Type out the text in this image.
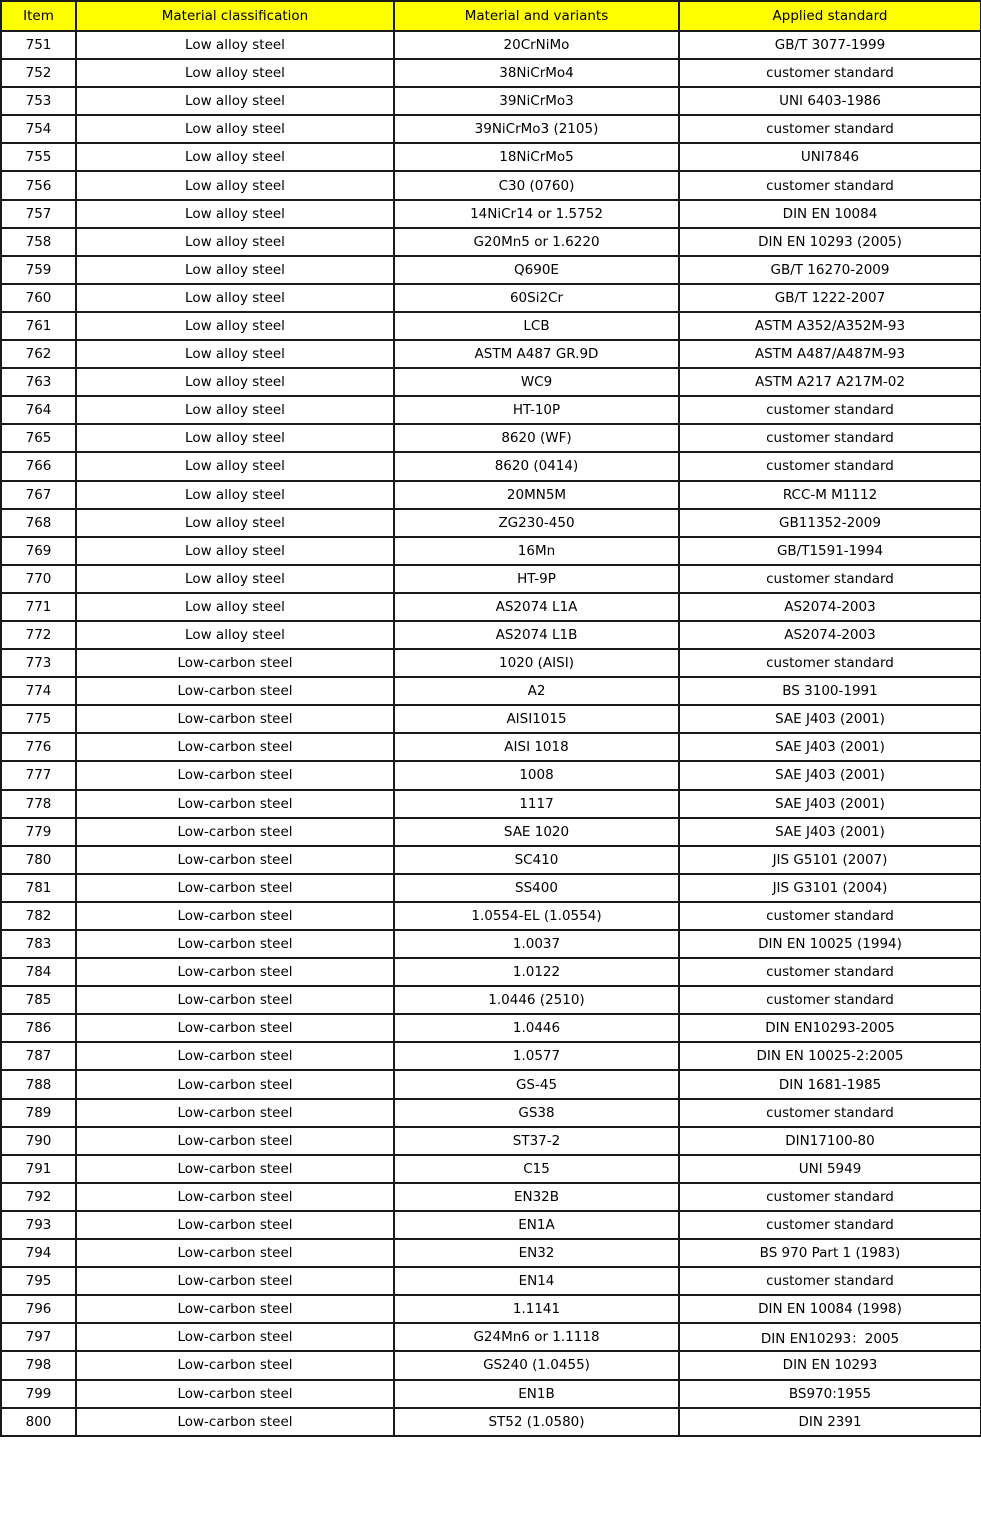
Item	Material classification	Material and variants	Applied standard
751	Low alloy steel	20CrNiMo	GB/T 3077-1999
752	Low alloy steel	38NiCrMo4	customer standard
753	Low alloy steel	39NiCrMo3	UNI 6403-1986
754	Low alloy steel	39NiCrMo3 (2105)	customer standard
755	Low alloy steel	18NiCrMo5	UNI7846
756	Low alloy steel	C30 (0760)	customer standard
757	Low alloy steel	14NiCr14 or 1.5752	DIN EN 10084
758	Low alloy steel	G20Mn5 or 1.6220	DIN EN 10293 (2005)
759	Low alloy steel	Q690E	GB/T 16270-2009
760	Low alloy steel	60Si2Cr	GB/T 1222-2007
761	Low alloy steel	LCB	ASTM A352/A352M-93
762	Low alloy steel	ASTM A487 GR.9D	ASTM A487/A487M-93
763	Low alloy steel	WC9	ASTM A217 A217M-02
764	Low alloy steel	HT-10P	customer standard
765	Low alloy steel	8620 (WF)	customer standard
766	Low alloy steel	8620 (0414)	customer standard
767	Low alloy steel	20MN5M	RCC-M M1112
768	Low alloy steel	ZG230-450	GB11352-2009
769	Low alloy steel	16Mn	GB/T1591-1994
770	Low alloy steel	HT-9P	customer standard
771	Low alloy steel	AS2074 L1A	AS2074-2003
772	Low alloy steel	AS2074 L1B	AS2074-2003
773	Low-carbon steel	1020 (AISI)	customer standard
774	Low-carbon steel	A2	BS 3100-1991
775	Low-carbon steel	AISI1015	SAE J403 (2001)
776	Low-carbon steel	AISI 1018	SAE J403 (2001)
777	Low-carbon steel	1008	SAE J403 (2001)
778	Low-carbon steel	1117	SAE J403 (2001)
779	Low-carbon steel	SAE 1020	SAE J403 (2001)
780	Low-carbon steel	SC410	JIS G5101 (2007)
781	Low-carbon steel	SS400	JIS G3101 (2004)
782	Low-carbon steel	1.0554-EL (1.0554)	customer standard
783	Low-carbon steel	1.0037	DIN EN 10025 (1994)
784	Low-carbon steel	1.0122	customer standard
785	Low-carbon steel	1.0446 (2510)	customer standard
786	Low-carbon steel	1.0446	DIN EN10293-2005
787	Low-carbon steel	1.0577	DIN EN 10025-2:2005
788	Low-carbon steel	GS-45	DIN 1681-1985
789	Low-carbon steel	GS38	customer standard
790	Low-carbon steel	ST37-2	DIN17100-80
791	Low-carbon steel	C15	UNI 5949
792	Low-carbon steel	EN32B	customer standard
793	Low-carbon steel	EN1A	customer standard
794	Low-carbon steel	EN32	BS 970 Part 1 (1983)
795	Low-carbon steel	EN14	customer standard
796	Low-carbon steel	1.1141	DIN EN 10084 (1998)
797	Low-carbon steel	G24Mn6 or 1.1118	DIN EN10293：2005
798	Low-carbon steel	GS240 (1.0455)	DIN EN 10293
799	Low-carbon steel	EN1B	BS970:1955
800	Low-carbon steel	ST52 (1.0580)	DIN 2391
